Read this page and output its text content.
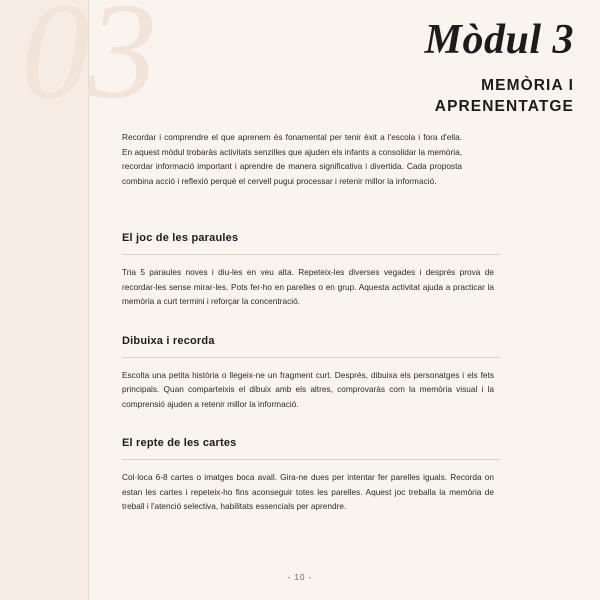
03	Mòdul 3
MEMÒRIA I
APRENENTATGE
Recordar i comprendre el que aprenem és fonamental per tenir èxit a l'escola i fora d'ella. En aquest mòdul trobaràs activitats senzilles que ajuden els infants a consolidar la memòria, recordar informació important i aprendre de manera significativa i divertida. Cada proposta combina acció i reflexió perquè el cervell pugui processar i retenir millor la informació.
El joc de les paraules
Tria 5 paraules noves i diu-les en veu alta. Repeteix-les diverses vegades i després prova de recordar-les sense mirar-les. Pots fer-ho en parelles o en grup. Aquesta activitat ajuda a practicar la memòria a curt termini i reforçar la concentració.
Dibuixa i recorda
Escolta una petita història o llegeix-ne un fragment curt. Després, dibuixa els personatges i els fets principals. Quan comparteixis el dibuix amb els altres, comprovaràs com la memòria visual i la comprensió ajuden a retenir millor la informació.
El repte de les cartes
Col·loca 6-8 cartes o imatges boca avall. Gira-ne dues per intentar fer parelles iguals. Recorda on estan les cartes i repeteix-ho fins aconseguir totes les parelles. Aquest joc treballa la memòria de treball i l'atenció selectiva, habilitats essencials per aprendre.
- 10 -
